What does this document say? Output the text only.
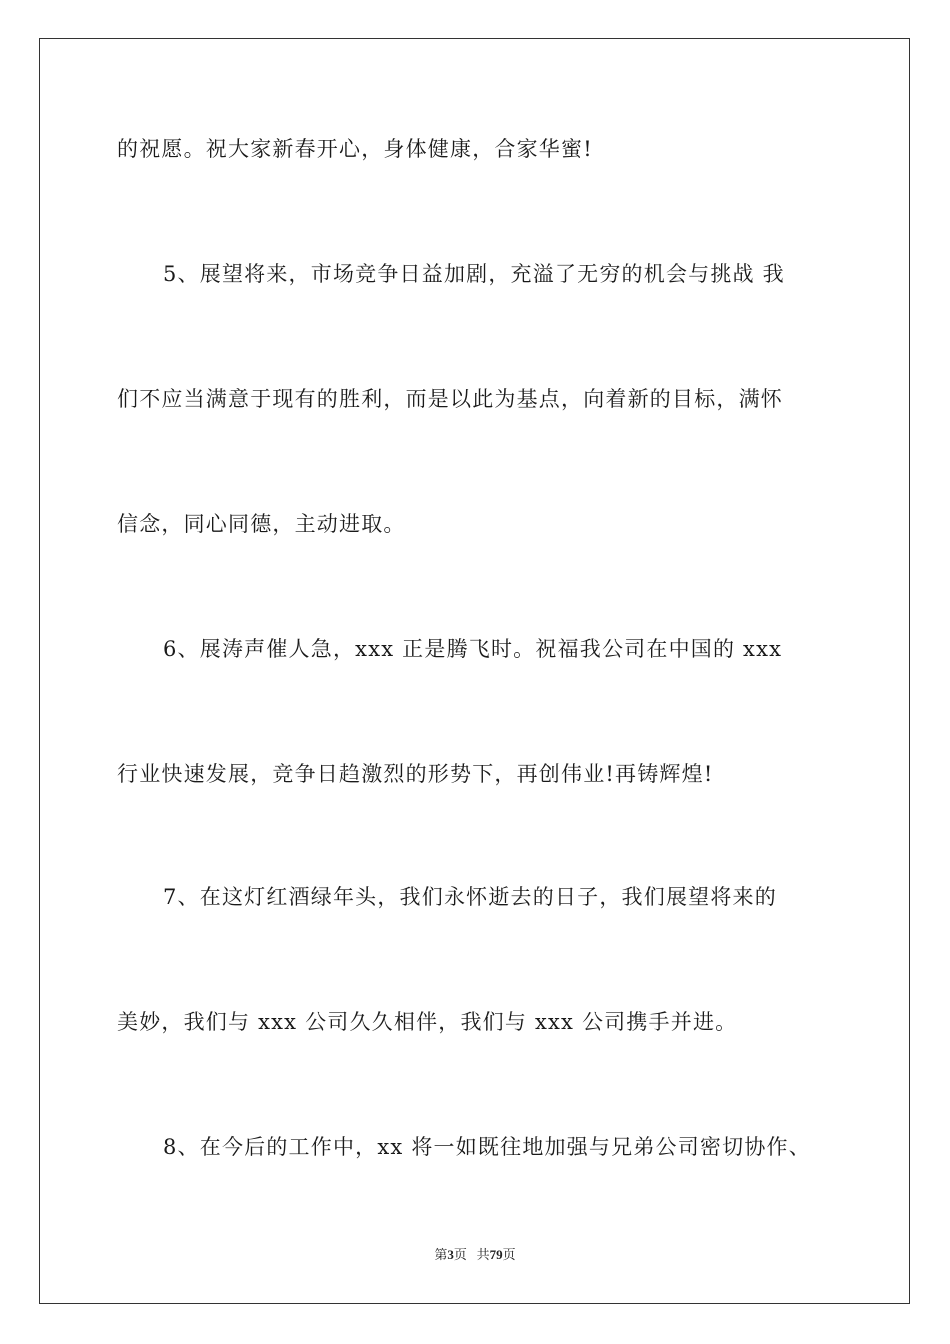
的祝愿。祝大家新春开心，身体健康，合家华蜜!
5、展望将来，市场竞争日益加剧，充溢了无穷的机会与挑战 我
们不应当满意于现有的胜利，而是以此为基点，向着新的目标，满怀
信念，同心同德，主动进取。
6、展涛声催人急，xxx 正是腾飞时。祝福我公司在中国的 xxx
行业快速发展，竞争日趋激烈的形势下，再创伟业!再铸辉煌!
7、在这灯红酒绿年头，我们永怀逝去的日子，我们展望将来的
美妙，我们与 xxx 公司久久相伴，我们与 xxx 公司携手并进。
8、在今后的工作中，xx 将一如既往地加强与兄弟公司密切协作、
第3页 共79页
